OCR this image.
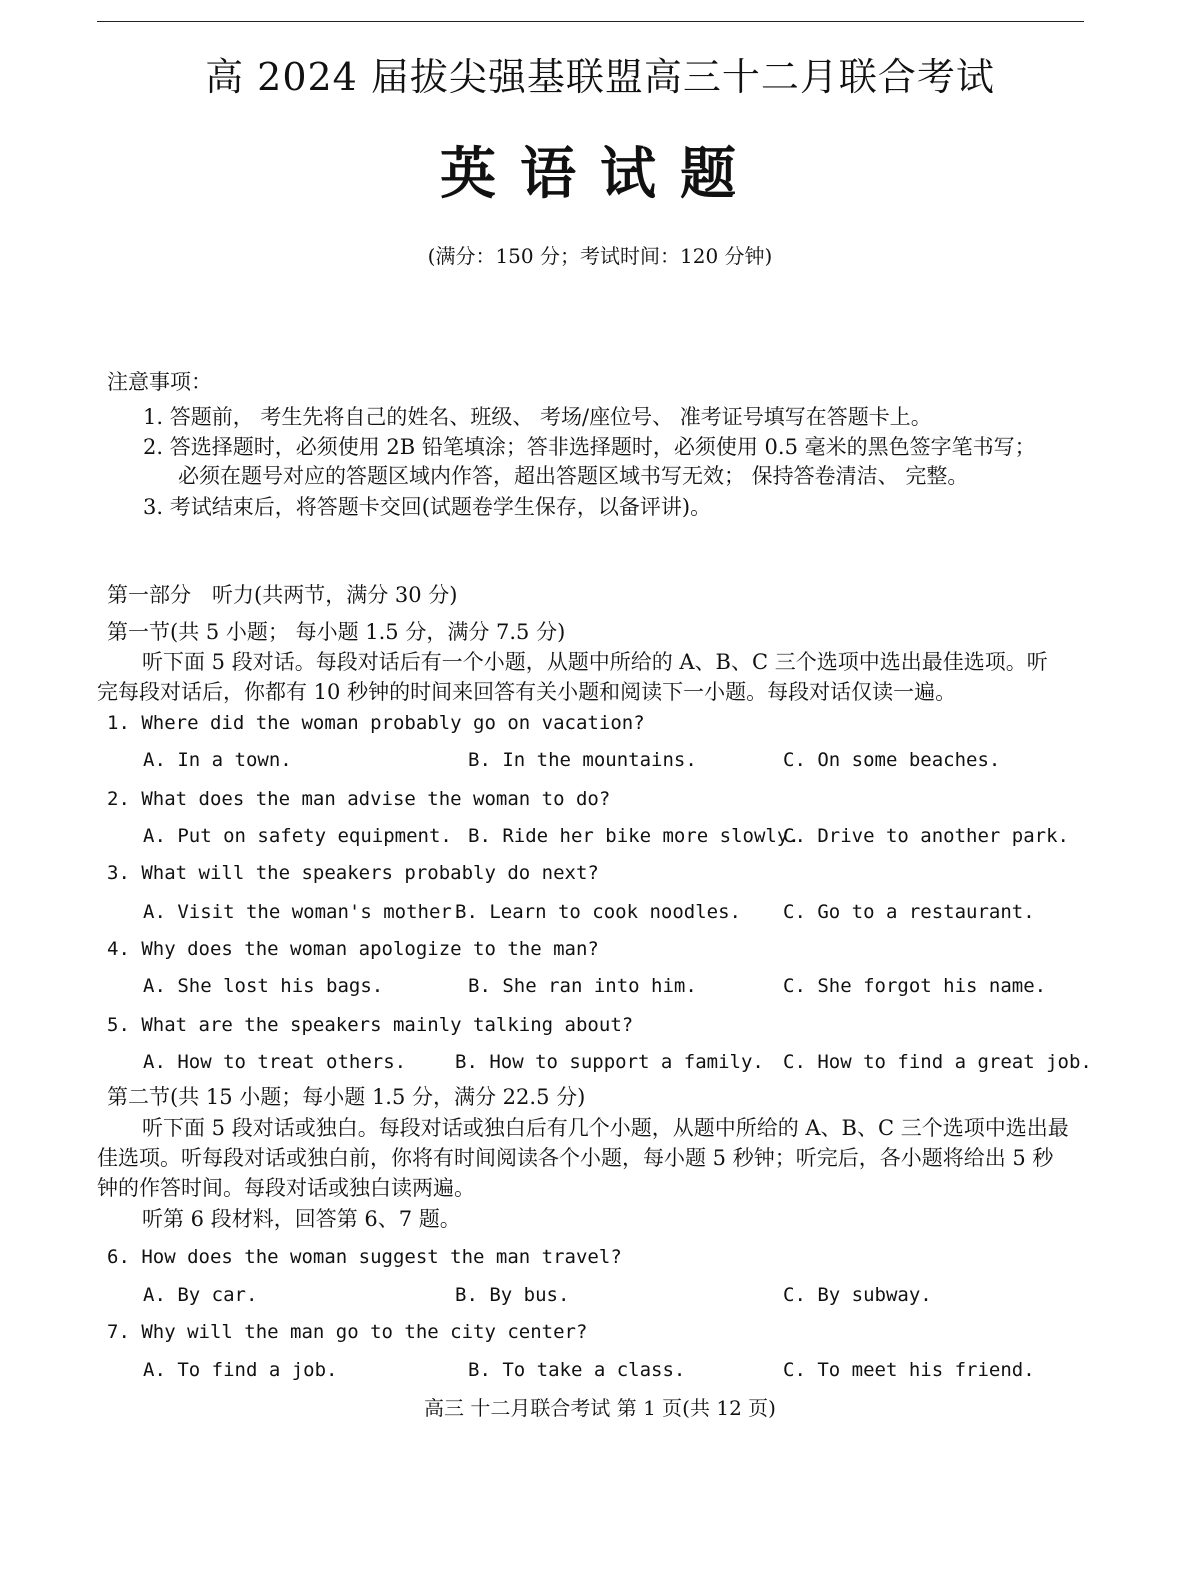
高 2024 届拔尖强基联盟高三十二月联合考试
英语试题
(满分：150 分；考试时间：120 分钟)
注意事项：
1. 答题前， 考生先将自己的姓名、班级、 考场/座位号、 准考证号填写在答题卡上。
2. 答选择题时，必须使用 2B 铅笔填涂；答非选择题时，必须使用 0.5 毫米的黑色签字笔书写；
必须在题号对应的答题区域内作答，超出答题区域书写无效； 保持答卷清洁、 完整。
3. 考试结束后，将答题卡交回(试题卷学生保存，以备评讲)。
第一部分　听力(共两节，满分 30 分)
第一节(共 5 小题； 每小题 1.5 分，满分 7.5 分)
听下面 5 段对话。每段对话后有一个小题，从题中所给的 A、B、C 三个选项中选出最佳选项。听
完每段对话后，你都有 10 秒钟的时间来回答有关小题和阅读下一小题。每段对话仅读一遍。
1. Where did the woman probably go on vacation?
A. In a town.	B. In the mountains.	C. On some beaches.
2. What does the man advise the woman to do?
A. Put on safety equipment. B. Ride her bike more slowly.
C. Drive to another park.
3. What will the speakers probably do next?
A. Visit the woman's mother.
B. Learn to cook noodles. C. Go to a restaurant.
4. Why does the woman apologize to the man?
A. She lost his bags.	B. She ran into him.	C. She forgot his name.
5. What are the speakers mainly talking about?
A. How to treat others.	B. How to support a family. C. How to find a great job.
第二节(共 15 小题；每小题 1.5 分，满分 22.5 分)
听下面 5 段对话或独白。每段对话或独白后有几个小题，从题中所给的 A、B、C 三个选项中选出最
佳选项。听每段对话或独白前，你将有时间阅读各个小题，每小题 5 秒钟；听完后，各小题将给出 5 秒
钟的作答时间。每段对话或独白读两遍。
听第 6 段材料，回答第 6、7 题。
6. How does the woman suggest the man travel?
A. By car.	B. By bus.	C. By subway.
7. Why will the man go to the city center?
A. To find a job.	B. To take a class.	C. To meet his friend.
高三 十二月联合考试 第 1 页(共 12 页)
